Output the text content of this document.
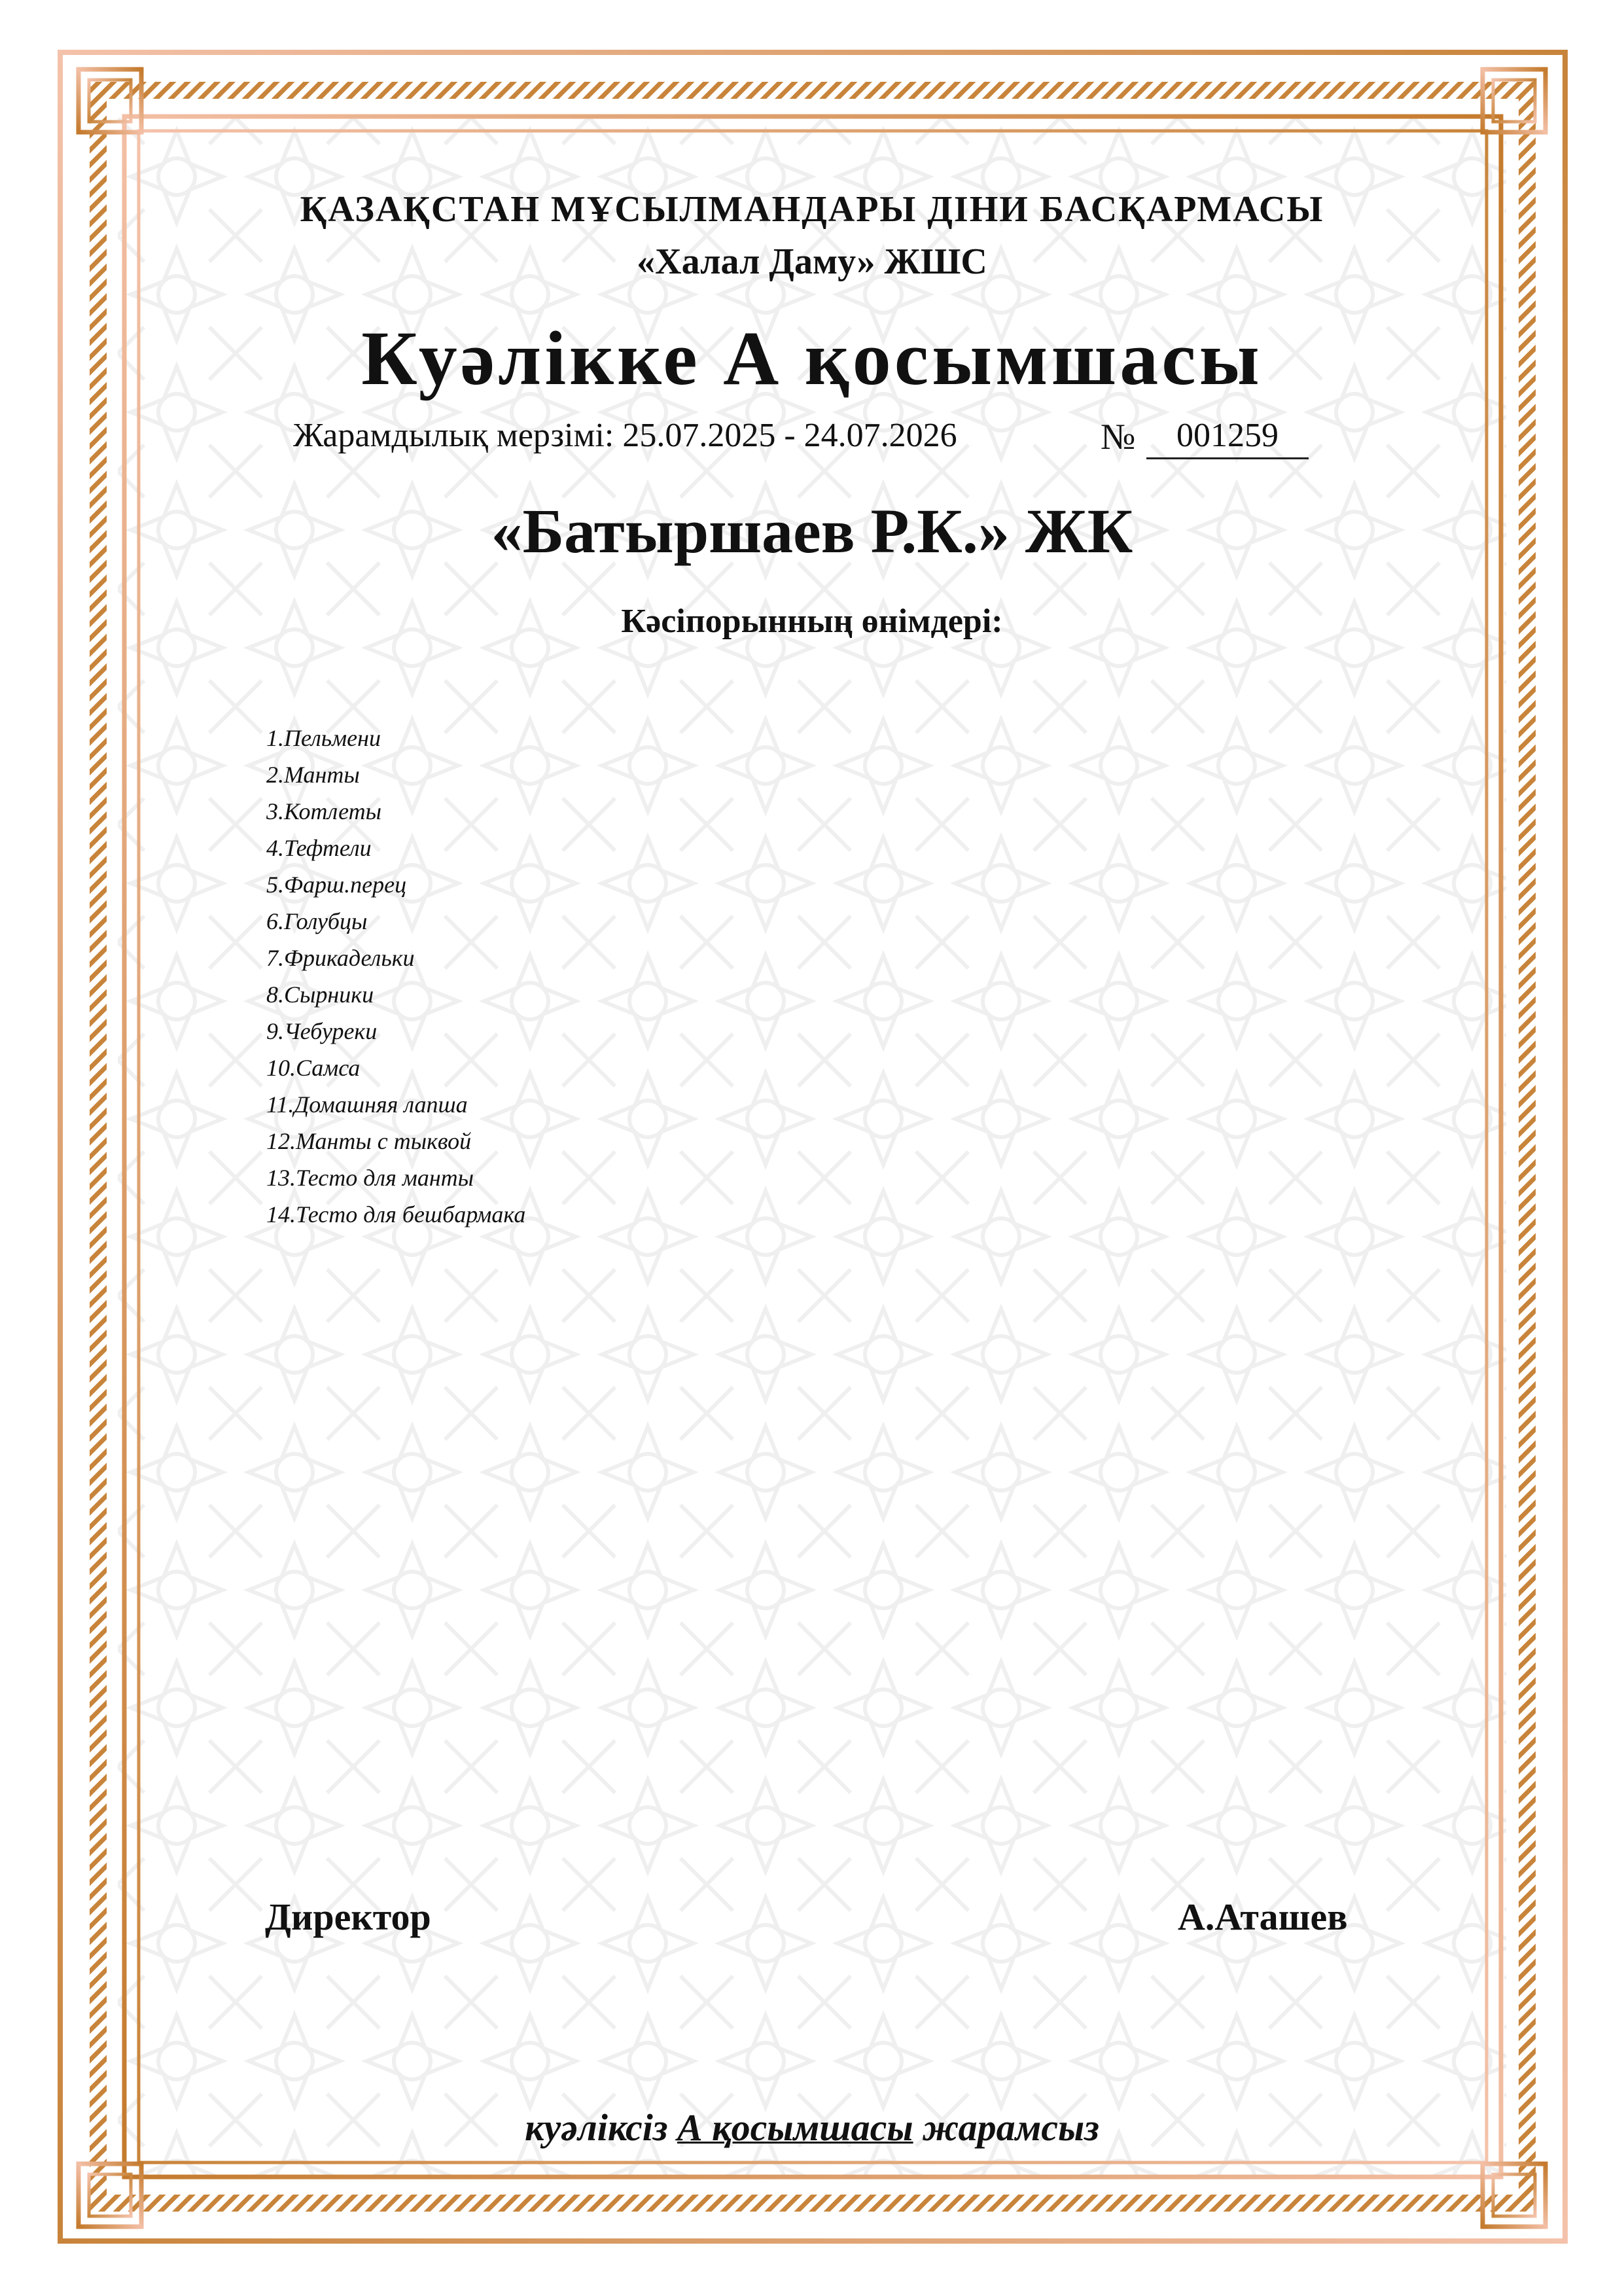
ҚАЗАҚСТАН МҰСЫЛМАНДАРЫ ДІНИ БАСҚАРМАСЫ
«Халал Даму» ЖШС
Куәлікке А қосымшасы
Жарамдылық мерзімі: 25.07.2025 - 24.07.2026	№	001259
«Батыршаев Р.К.» ЖК
Кәсіпорынның өнімдері:
1.Пельмени
2.Манты
3.Котлеты
4.Тефтели
5.Фарш.перец
6.Голубцы
7.Фрикадельки
8.Сырники
9.Чебуреки
10.Самса
11.Домашняя лапша
12.Манты с тыквой
13.Тесто для манты
14.Тесто для бешбармака
Директор	А.Аташев
куәліксіз А қосымшасы жарамсыз
